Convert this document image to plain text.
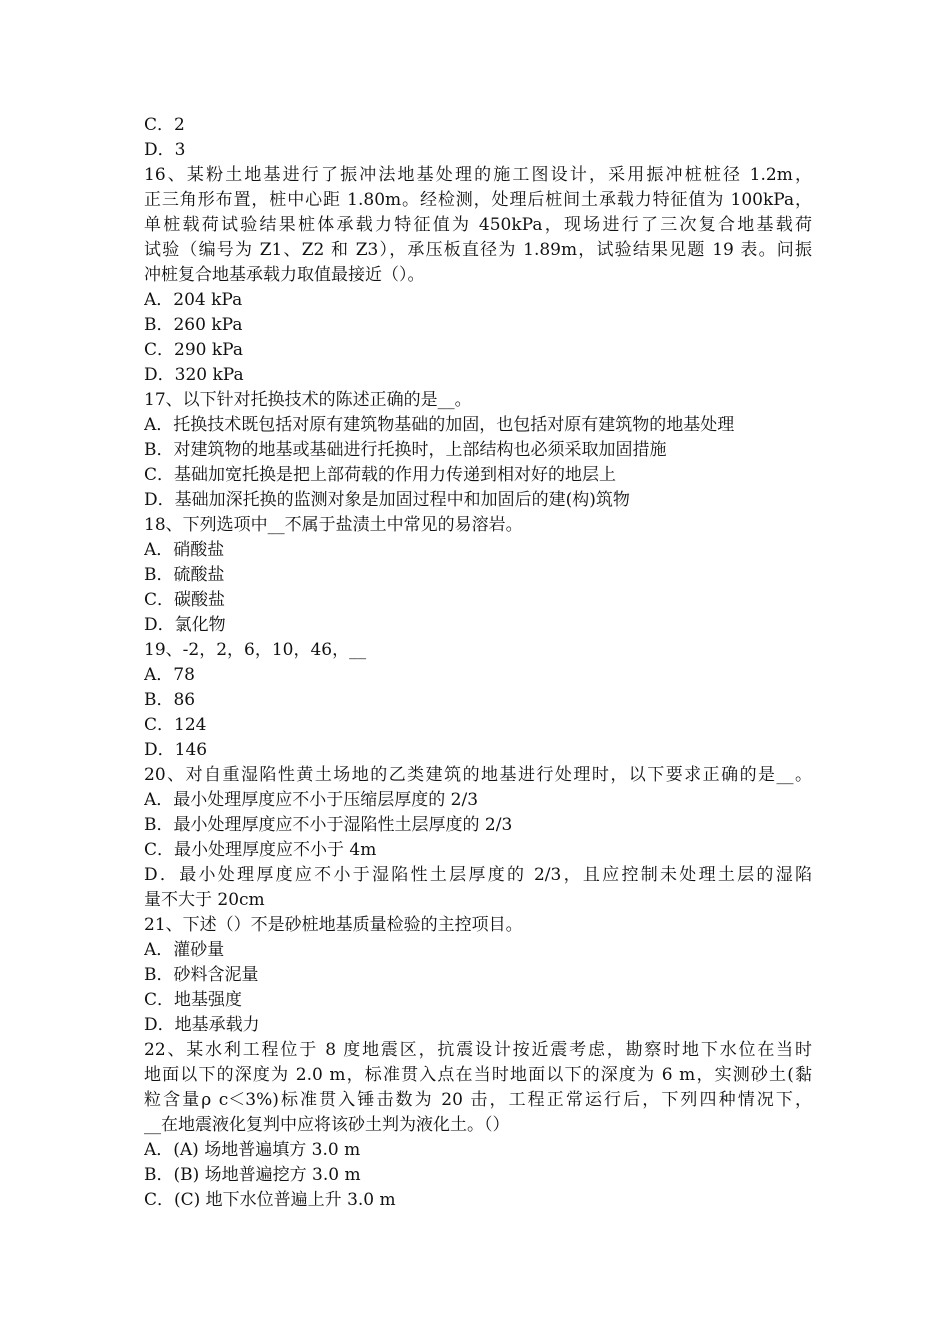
C．2
D．3
16、某粉土地基进行了振冲法地基处理的施工图设计，采用振冲桩桩径 1.2m，
正三角形布置，桩中心距 1.80m。经检测，处理后桩间土承载力特征值为 100kPa，
单桩载荷试验结果桩体承载力特征值为 450kPa，现场进行了三次复合地基载荷
试验（编号为 Z1、Z2 和 Z3），承压板直径为 1.89m，试验结果见题 19 表。问振
冲桩复合地基承载力取值最接近（）。
A．204 kPa
B．260 kPa
C．290 kPa
D．320 kPa
17、以下针对托换技术的陈述正确的是__。
A．托换技术既包括对原有建筑物基础的加固，也包括对原有建筑物的地基处理
B．对建筑物的地基或基础进行托换时，上部结构也必须采取加固措施
C．基础加宽托换是把上部荷载的作用力传递到相对好的地层上
D．基础加深托换的监测对象是加固过程中和加固后的建(构)筑物
18、下列选项中__不属于盐渍土中常见的易溶岩。
A．硝酸盐
B．硫酸盐
C．碳酸盐
D．氯化物
19、-2，2，6，10，46，__
A．78
B．86
C．124
D．146
20、对自重湿陷性黄土场地的乙类建筑的地基进行处理时，以下要求正确的是__。
A．最小处理厚度应不小于压缩层厚度的 2/3
B．最小处理厚度应不小于湿陷性土层厚度的 2/3
C．最小处理厚度应不小于 4m
D．最小处理厚度应不小于湿陷性土层厚度的 2/3，且应控制未处理土层的湿陷
量不大于 20cm
21、下述（）不是砂桩地基质量检验的主控项目。
A．灌砂量
B．砂料含泥量
C．地基强度
D．地基承载力
22、某水利工程位于 8 度地震区，抗震设计按近震考虑，勘察时地下水位在当时
地面以下的深度为 2.0 m，标准贯入点在当时地面以下的深度为 6 m，实测砂土(黏
粒含量ρ c＜3%)标准贯入锤击数为 20 击，工程正常运行后，下列四种情况下，
__在地震液化复判中应将该砂土判为液化土。（）
A．(A) 场地普遍填方 3.0 m
B．(B) 场地普遍挖方 3.0 m
C．(C) 地下水位普遍上升 3.0 m
